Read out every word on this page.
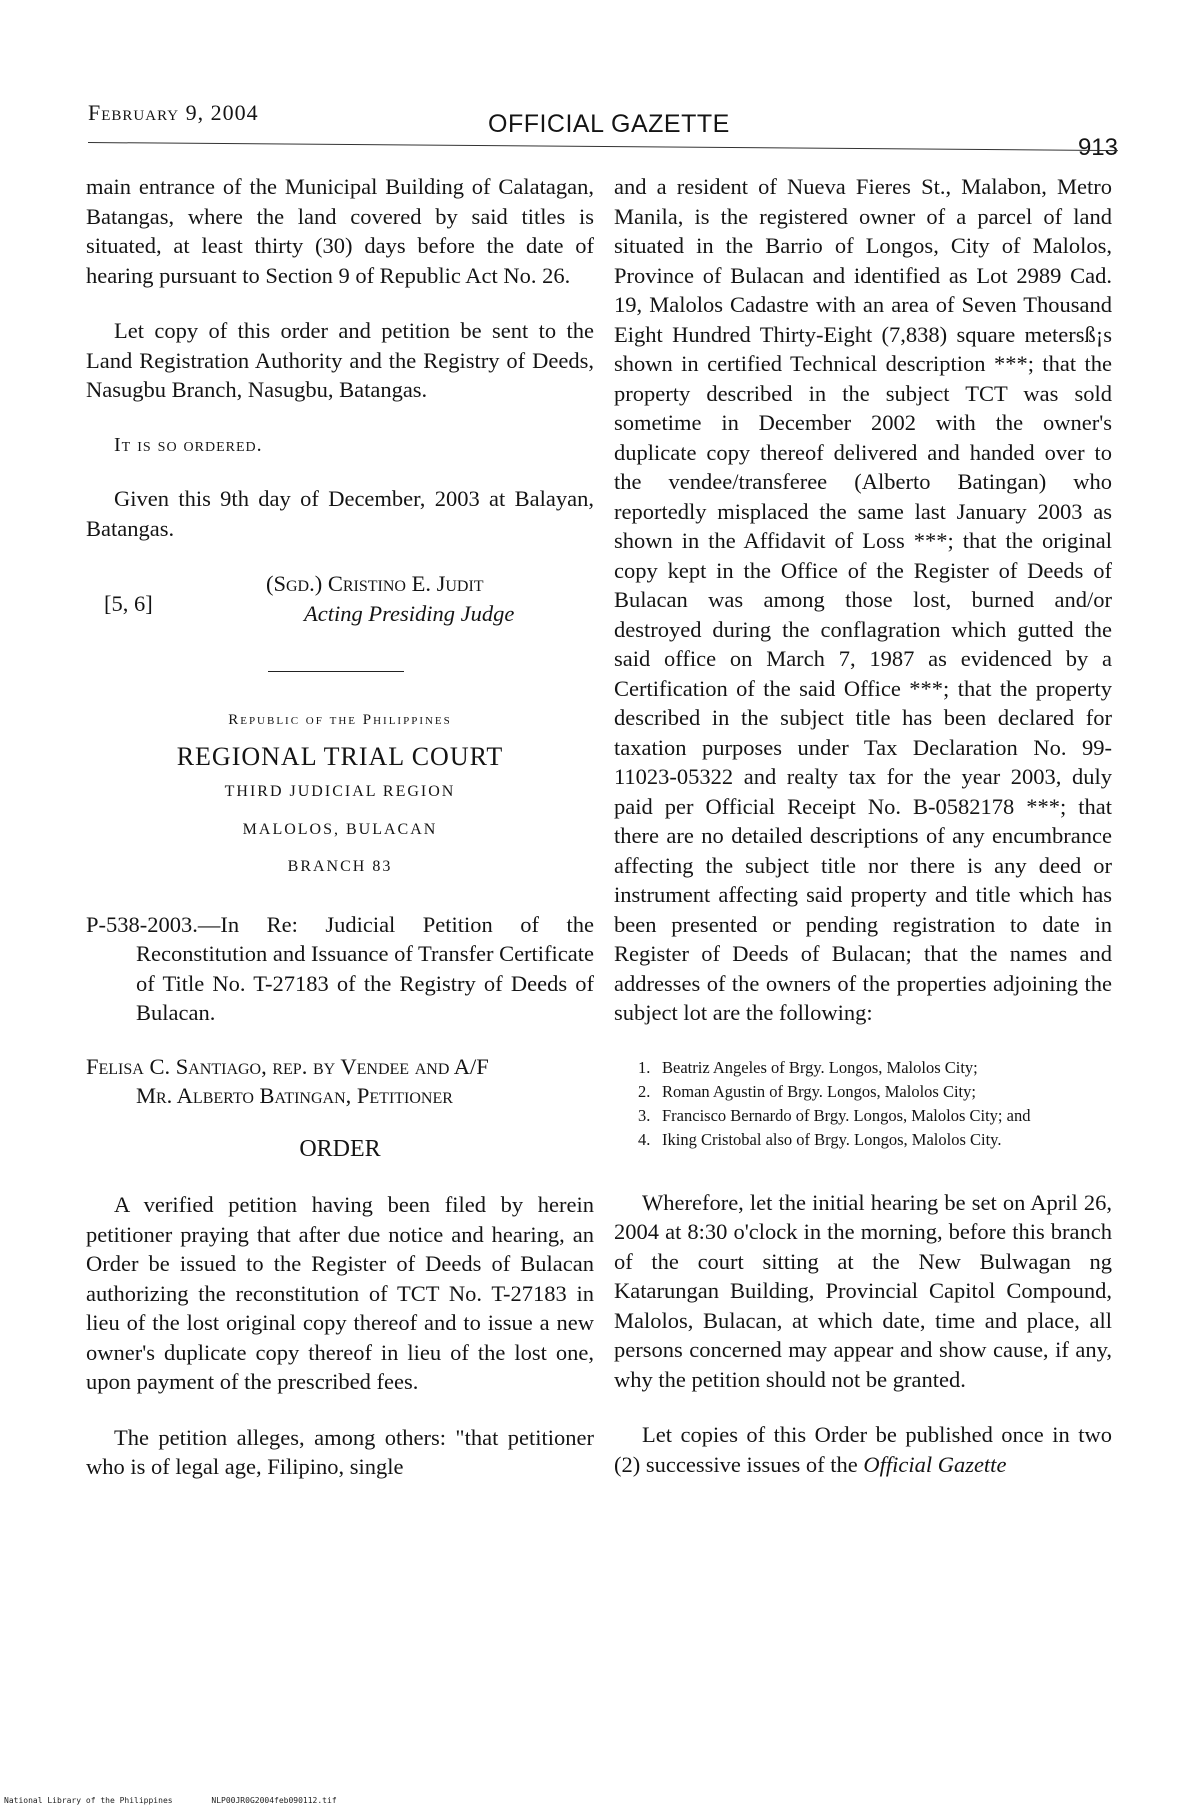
February 9, 2004	OFFICIAL GAZETTE
913

main entrance of the Municipal Building of Calatagan, Batangas, where the land covered by said titles is situated, at least thirty (30) days before the date of hearing pursuant to Section 9 of Republic Act No. 26.

Let copy of this order and petition be sent to the Land Registration Authority and the Registry of Deeds, Nasugbu Branch, Nasugbu, Batangas.

It is so ordered.

Given this 9th day of December, 2003 at Balayan, Batangas.

(Sgd.) Cristino E. Judit
Acting Presiding Judge
[5, 6]

Republic of the Philippines

REGIONAL TRIAL COURT

THIRD JUDICIAL REGION

MALOLOS, BULACAN

BRANCH 83

P-538-2003.—In Re: Judicial Petition of the Reconstitution and Issuance of Transfer Certificate of Title No. T-27183 of the Registry of Deeds of Bulacan.

Felisa C. Santiago, rep. by Vendee and A/F
Mr. Alberto Batingan, Petitioner

ORDER

A verified petition having been filed by herein petitioner praying that after due notice and hearing, an Order be issued to the Register of Deeds of Bulacan authorizing the reconstitution of TCT No. T-27183 in lieu of the lost original copy thereof and to issue a new owner's duplicate copy thereof in lieu of the lost one, upon payment of the prescribed fees.

The petition alleges, among others: "that petitioner who is of legal age, Filipino, single

and a resident of Nueva Fieres St., Malabon, Metro Manila, is the registered owner of a parcel of land situated in the Barrio of Longos, City of Malolos, Province of Bulacan and identified as Lot 2989 Cad. 19, Malolos Cadastre with an area of Seven Thousand Eight Hundred Thirty-Eight (7,838) square metersß¡s shown in certified Technical description ***; that the property described in the subject TCT was sold sometime in December 2002 with the owner's duplicate copy thereof delivered and handed over to the vendee/transferee (Alberto Batingan) who reportedly misplaced the same last January 2003 as shown in the Affidavit of Loss ***; that the original copy kept in the Office of the Register of Deeds of Bulacan was among those lost, burned and/or destroyed during the conflagration which gutted the said office on March 7, 1987 as evidenced by a Certification of the said Office ***; that the property described in the subject title has been declared for taxation purposes under Tax Declaration No. 99-11023-05322 and realty tax for the year 2003, duly paid per Official Receipt No. B-0582178 ***; that there are no detailed descriptions of any encumbrance affecting the subject title nor there is any deed or instrument affecting said property and title which has been presented or pending registration to date in Register of Deeds of Bulacan; that the names and addresses of the owners of the properties adjoining the subject lot are the following:

1. Beatriz Angeles of Brgy. Longos, Malolos City;
2. Roman Agustin of Brgy. Longos, Malolos City;
3. Francisco Bernardo of Brgy. Longos, Malolos City; and
4. Iking Cristobal also of Brgy. Longos, Malolos City.

Wherefore, let the initial hearing be set on April 26, 2004 at 8:30 o'clock in the morning, before this branch of the court sitting at the New Bulwagan ng Katarungan Building, Provincial Capitol Compound, Malolos, Bulacan, at which date, time and place, all persons concerned may appear and show cause, if any, why the petition should not be granted.

Let copies of this Order be published once in two (2) successive issues of the Official Gazette

National Library of the Philippines	NLP00JR0G2004feb090112.tif
